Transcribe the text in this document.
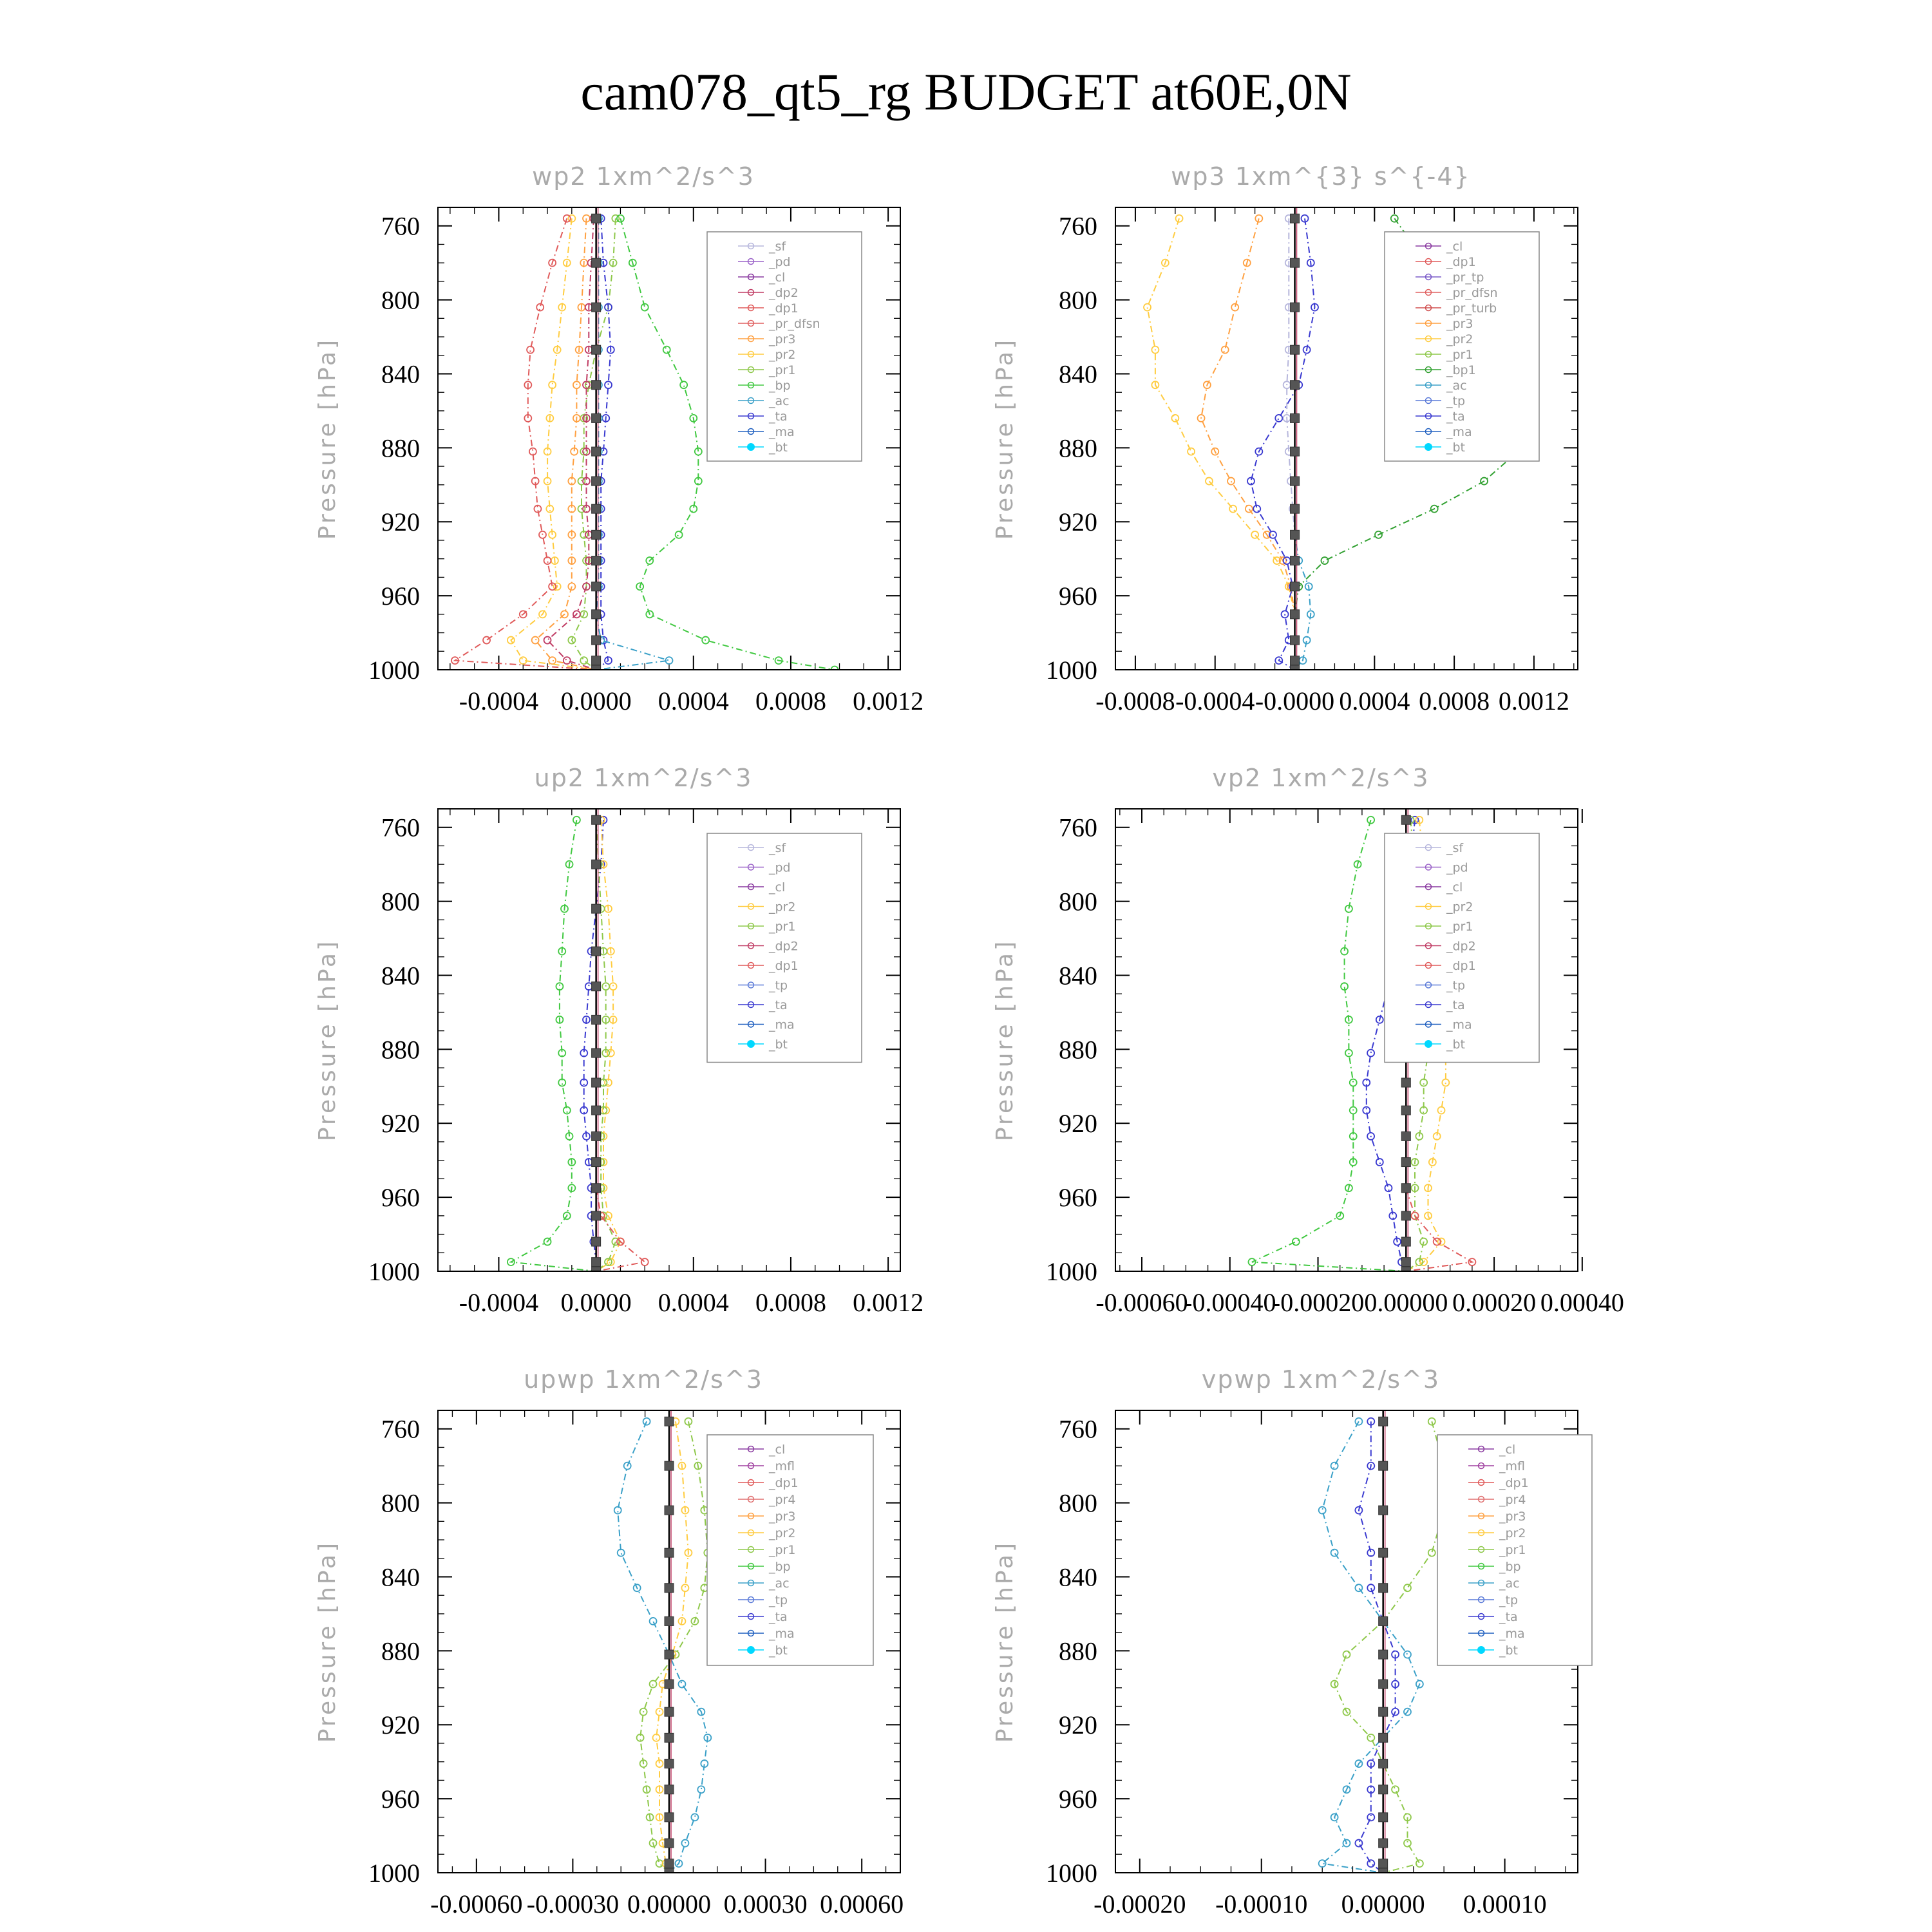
cam078_qt5_rg BUDGET at60E,0N
wp2 1xm^2/s^3
Pressure [hPa]
760
800
840
880
920
960
1000
-0.0004 0.0000 0.0004 0.0008 0.0012
_sf
_pd
_cl
_dp2
_dp1
_pr_dfsn
_pr3
_pr2
_pr1
_bp
_ac
_ta
_ma
_bt
wp3 1xm^{3} s^{-4}
Pressure [hPa]
760
800
840
880
920
960
1000
-0.0008 -0.0004 -0.0000 0.0004 0.0008 0.0012
_cl
_dp1
_pr_tp
_pr_dfsn
_pr_turb
_pr3
_pr2
_pr1
_bp1
_ac
_tp
_ta
_ma
_bt
up2 1xm^2/s^3
Pressure [hPa]
760
800
840
880
920
960
1000
-0.0004 0.0000 0.0004 0.0008 0.0012
_sf
_pd
_cl
_pr2
_pr1
_dp2
_dp1
_tp
_ta
_ma
_bt
vp2 1xm^2/s^3
Pressure [hPa]
760
800
840
880
920
960
1000
-0.00060
-0.00040
-0.00020 0.00000 0.00020 0.00040
_sf
_pd
_cl
_pr2
_pr1
_dp2
_dp1
_tp
_ta
_ma
_bt
upwp 1xm^2/s^3
Pressure [hPa]
760
800
840
880
920
960
1000
-0.00060 -0.00030 0.00000 0.00030 0.00060
_cl
_mfl
_dp1
_pr4
_pr3
_pr2
_pr1
_bp
_ac
_tp
_ta
_ma
_bt
vpwp 1xm^2/s^3
Pressure [hPa]
760
800
840
880
920
960
1000
-0.00020 -0.00010 0.00000 0.00010
_cl
_mfl
_dp1
_pr4
_pr3
_pr2
_pr1
_bp
_ac
_tp
_ta
_ma
_bt
